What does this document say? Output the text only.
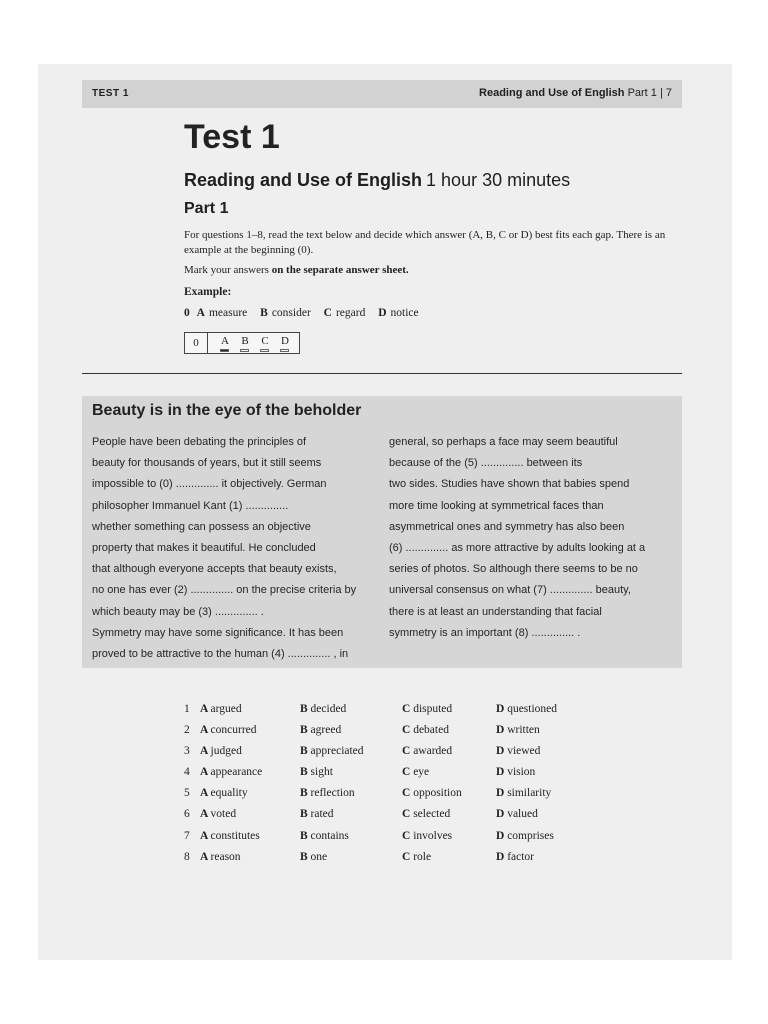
TEST 1	Reading and Use of English Part 1 | 7
Test 1
Reading and Use of English 1 hour 30 minutes
Part 1
For questions 1–8, read the text below and decide which answer (A, B, C or D) best fits each gap. There is an example at the beginning (0).
Mark your answers on the separate answer sheet.
Example:
0 A measure B consider C regard D notice
0	A B C D
Beauty is in the eye of the beholder
People have been debating the principles of
beauty for thousands of years, but it still seems
impossible to (0) .............. it objectively. German
philosopher Immanuel Kant (1) ..............
whether something can possess an objective
property that makes it beautiful. He concluded
that although everyone accepts that beauty exists,
no one has ever (2) .............. on the precise criteria by
which beauty may be (3) .............. .
Symmetry may have some significance. It has been
proved to be attractive to the human (4) .............. , in
general, so perhaps a face may seem beautiful
because of the (5) .............. between its
two sides. Studies have shown that babies spend
more time looking at symmetrical faces than
asymmetrical ones and symmetry has also been
(6) .............. as more attractive by adults looking at a
series of photos. So although there seems to be no
universal consensus on what (7) .............. beauty,
there is at least an understanding that facial
symmetry is an important (8) .............. .
1 A argued	B decided	C disputed	D questioned
2 A concurred	B agreed	C debated	D written
3 A judged	B appreciated	C awarded	D viewed
4 A appearance	B sight	C eye	D vision
5 A equality	B reflection	C opposition	D similarity
6 A voted	B rated	C selected	D valued
7 A constitutes	B contains	C involves	D comprises
8 A reason	B one	C role	D factor
